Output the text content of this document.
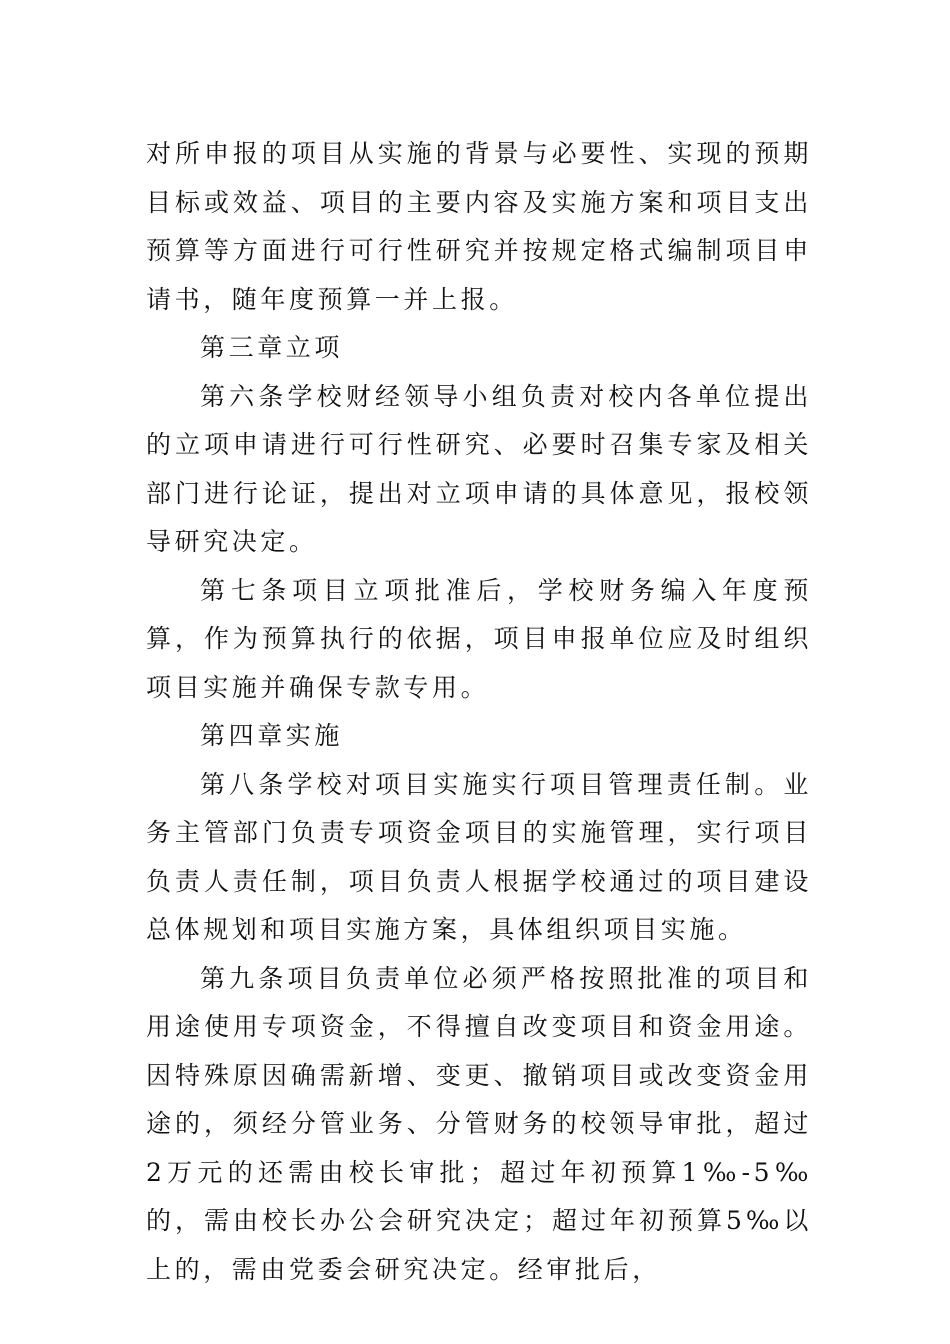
对所申报的项目从实施的背景与必要性、实现的预期目标或效益、项目的主要内容及实施方案和项目支出预算等方面进行可行性研究并按规定格式编制项目申请书，随年度预算一并上报。

第三章立项

第六条学校财经领导小组负责对校内各单位提出的立项申请进行可行性研究、必要时召集专家及相关部门进行论证，提出对立项申请的具体意见，报校领导研究决定。

第七条项目立项批准后，学校财务编入年度预算，作为预算执行的依据，项目申报单位应及时组织项目实施并确保专款专用。

第四章实施

第八条学校对项目实施实行项目管理责任制。业务主管部门负责专项资金项目的实施管理，实行项目负责人责任制，项目负责人根据学校通过的项目建设总体规划和项目实施方案，具体组织项目实施。

第九条项目负责单位必须严格按照批准的项目和用途使用专项资金，不得擅自改变项目和资金用途。因特殊原因确需新增、变更、撤销项目或改变资金用途的，须经分管业务、分管财务的校领导审批，超过2万元的还需由校长审批；超过年初预算1‰-5‰的，需由校长办公会研究决定；超过年初预算5‰以上的，需由党委会研究决定。经审批后，
